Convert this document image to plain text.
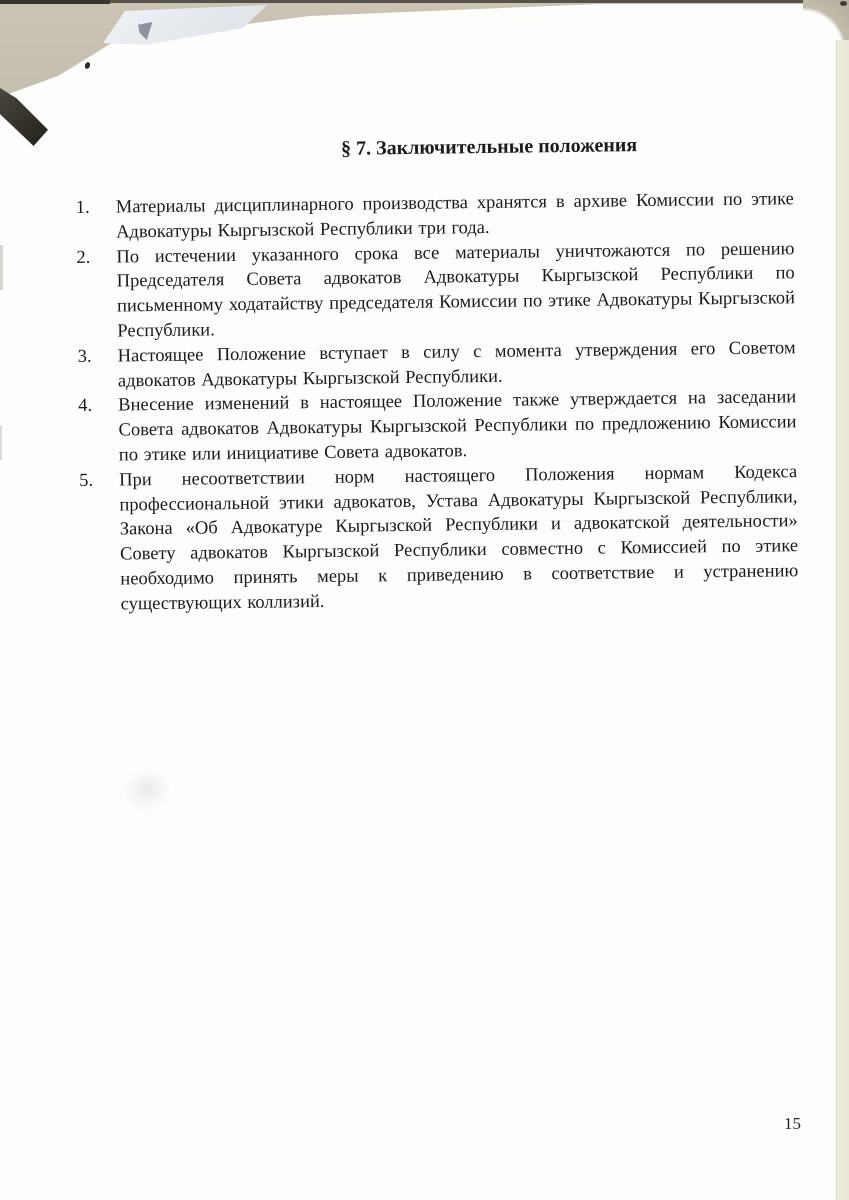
§ 7. Заключительные положения
1.	Материалы дисциплинарного производства хранятся в архиве Комиссии по этике Адвокатуры Кыргызской Республики три года.
2.	По истечении указанного срока все материалы уничтожаются по решению Председателя Совета адвокатов Адвокатуры Кыргызской Республики по письменному ходатайству председателя Комиссии по этике Адвокатуры Кыргызской Республики.
3.	Настоящее Положение вступает в силу с момента утверждения его Советом адвокатов Адвокатуры Кыргызской Республики.
4.	Внесение изменений в настоящее Положение также утверждается на заседании Совета адвокатов Адвокатуры Кыргызской Республики по предложению Комиссии по этике или инициативе Совета адвокатов.
5.	При несоответствии норм настоящего Положения нормам Кодекса профессиональной этики адвокатов, Устава Адвокатуры Кыргызской Республики, Закона «Об Адвокатуре Кыргызской Республики и адвокатской деятельности» Совету адвокатов Кыргызской Республики совместно с Комиссией по этике необходимо принять меры к приведению в соответствие и устранению существующих коллизий.
15
